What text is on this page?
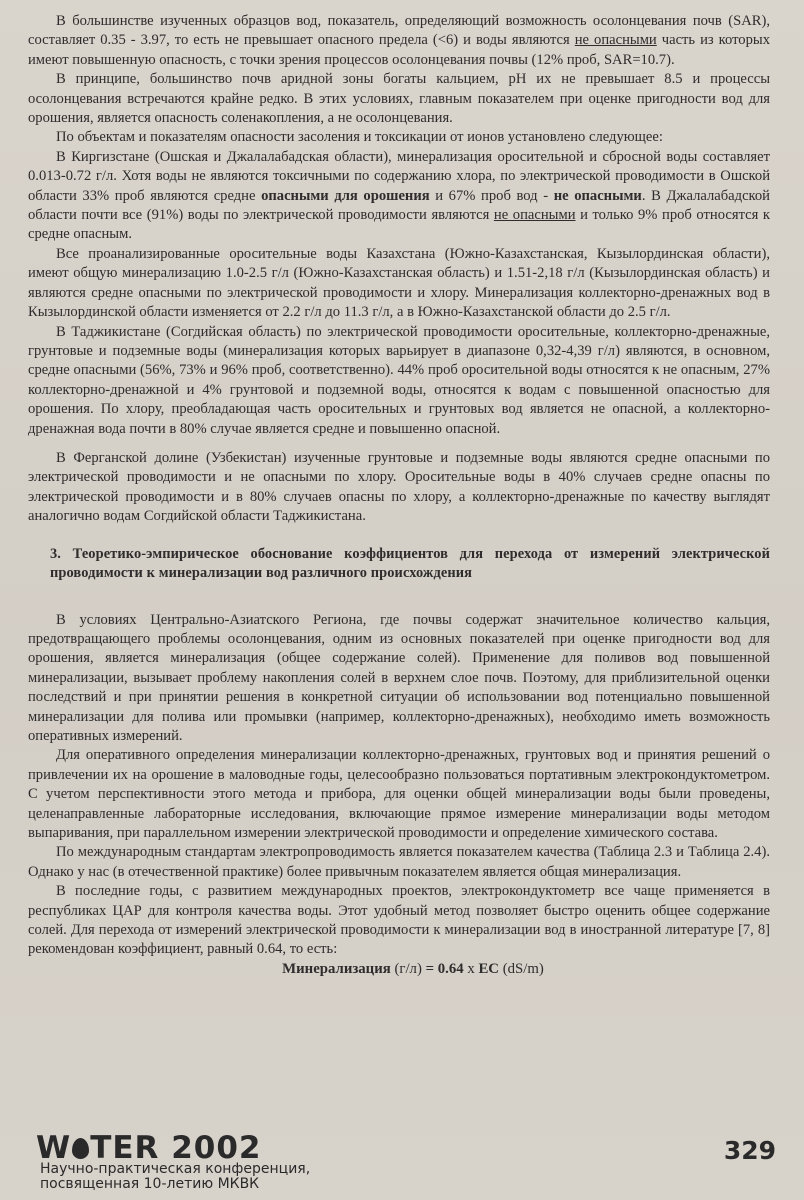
В большинстве изученных образцов вод, показатель, определяющий возможность осолонцевания почв (SAR), составляет 0.35 - 3.97, то есть не превышает опасного предела (<6) и воды являются не опасными часть из которых имеют повышенную опасность, с точки зрения процессов осолонцевания почвы (12% проб, SAR=10.7).

В принципе, большинство почв аридной зоны богаты кальцием, pH их не превышает 8.5 и процессы осолонцевания встречаются крайне редко. В этих условиях, главным показателем при оценке пригодности вод для орошения, является опасность соленакопления, а не осолонцевания.

По объектам и показателям опасности засоления и токсикации от ионов установлено следующее:

В Киргизстане (Ошская и Джалалабадская области), минерализация оросительной и сбросной воды составляет 0.013-0.72 г/л. Хотя воды не являются токсичными по содержанию хлора, по электрической проводимости в Ошской области 33% проб являются средне опасными для орошения и 67% проб вод - не опасными. В Джалалабадской области почти все (91%) воды по электрической проводимости являются не опасными и только 9% проб относятся к средне опасным.

Все проанализированные оросительные воды Казахстана (Южно-Казахстанская, Кызылординская области), имеют общую минерализацию 1.0-2.5 г/л (Южно-Казахстанская область) и 1.51-2,18 г/л (Кызылординская область) и являются средне опасными по электрической проводимости и хлору. Минерализация коллекторно-дренажных вод в Кызылординской области изменяется от 2.2 г/л до 11.3 г/л, а в Южно-Казахстанской области до 2.5 г/л.

В Таджикистане (Согдийская область) по электрической проводимости оросительные, коллекторно-дренажные, грунтовые и подземные воды (минерализация которых варьирует в диапазоне 0,32-4,39 г/л) являются, в основном, средне опасными (56%, 73% и 96% проб, соответственно). 44% проб оросительной воды относятся к не опасным, 27% коллекторно-дренажной и 4% грунтовой и подземной воды, относятся к водам с повышенной опасностью для орошения. По хлору, преобладающая часть оросительных и грунтовых вод является не опасной, а коллекторно-дренажная вода почти в 80% случае является средне и повышенно опасной.

В Ферганской долине (Узбекистан) изученные грунтовые и подземные воды являются средне опасными по электрической проводимости и не опасными по хлору. Оросительные воды в 40% случаев средне опасны по электрической проводимости и в 80% случаев опасны по хлору, а коллекторно-дренажные по качеству выглядят аналогично водам Согдийской области Таджикистана.

3. Теоретико-эмпирическое обоснование коэффициентов для перехода от измерений электрической проводимости к минерализации вод различного происхождения

В условиях Центрально-Азиатского Региона, где почвы содержат значительное количество кальция, предотвращающего проблемы осолонцевания, одним из основных показателей при оценке пригодности вод для орошения, является минерализация (общее содержание солей). Применение для поливов вод повышенной минерализации, вызывает проблему накопления солей в верхнем слое почв. Поэтому, для приблизительной оценки последствий и при принятии решения в конкретной ситуации об использовании вод потенциально повышенной минерализации для полива или промывки (например, коллекторно-дренажных), необходимо иметь возможность оперативных измерений.

Для оперативного определения минерализации коллекторно-дренажных, грунтовых вод и принятия решений о привлечении их на орошение в маловодные годы, целесообразно пользоваться портативным электрокондуктометром. С учетом перспективности этого метода и прибора, для оценки общей минерализации воды были проведены, целенаправленные лабораторные исследования, включающие прямое измерение минерализации воды методом выпаривания, при параллельном измерении электрической проводимости и определение химического состава.

По международным стандартам электропроводимость является показателем качества (Таблица 2.3 и Таблица 2.4). Однако у нас (в отечественной практике) более привычным показателем является общая минерализация.

В последние годы, с развитием международных проектов, электрокондуктометр все чаще применяется в республиках ЦАР для контроля качества воды. Этот удобный метод позволяет быстро оценить общее содержание солей. Для перехода от измерений электрической проводимости к минерализации вод в иностранной литературе [7, 8] рекомендован коэффициент, равный 0.64, то есть:

Минерализация (г/л) = 0.64 x EC (dS/m)

W TER 2002
Научно-практическая конференция,
посвященная 10-летию МКВК
329
